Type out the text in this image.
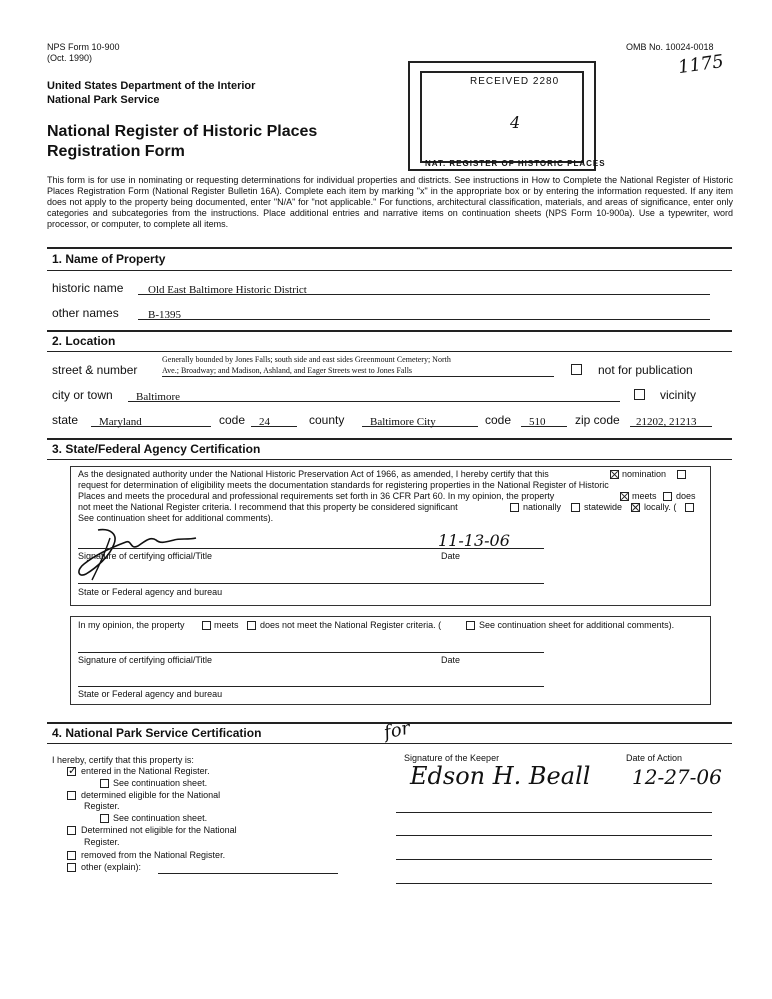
NPS Form 10-900
(Oct. 1990)
OMB No. 10024-0018
1175
United States Department of the Interior
National Park Service
National Register of Historic Places
Registration Form
RECEIVED 2280
4
NAT. REGISTER OF HISTORIC PLACES
This form is for use in nominating or requesting determinations for individual properties and districts. See instructions in How to Complete the National Register of Historic Places Registration Form (National Register Bulletin 16A). Complete each item by marking "x" in the appropriate box or by entering the information requested. If any item does not apply to the property being documented, enter "N/A" for "not applicable." For functions, architectural classification, materials, and areas of significance, enter only categories and subcategories from the instructions. Place additional entries and narrative items on continuation sheets (NPS Form 10-900a). Use a typewriter, word processor, or computer, to complete all items.
1. Name of Property
historic name	Old East Baltimore Historic District
other names	B-1395
2. Location
street & number
Generally bounded by Jones Falls; south side and east sides Greenmount Cemetery; North
Ave.; Broadway; and Madison, Ashland, and Eager Streets west to Jones Falls	not for publication
city or town	Baltimore	vicinity
state	Maryland	code	24	county	Baltimore City	code	510	zip code	21202, 21213
3. State/Federal Agency Certification
As the designated authority under the National Historic Preservation Act of 1966, as amended, I hereby certify that this	nomination
request for determination of eligibility meets the documentation standards for registering properties in the National Register of Historic
Places and meets the procedural and professional requirements set forth in 36 CFR Part 60. In my opinion, the property	meets does
not meet the National Register criteria. I recommend that this property be considered significant	nationally	statewide locally. (
See continuation sheet for additional comments).
Signature of certifying official/Title	Date
11-13-06
State or Federal agency and bureau
In my opinion, the property	meets does not meet the National Register criteria. (	See continuation sheet for additional comments).
Signature of certifying official/Title	Date
State or Federal agency and bureau
4. National Park Service Certification
I hereby, certify that this property is:
✓
entered in the National Register.
See continuation sheet.
determined eligible for the National
Register.
See continuation sheet.
Determined not eligible for the National
Register.
removed from the National Register.
other (explain):
for
Signature of the Keeper	Date of Action
Edson H. Beall 12-27-06
